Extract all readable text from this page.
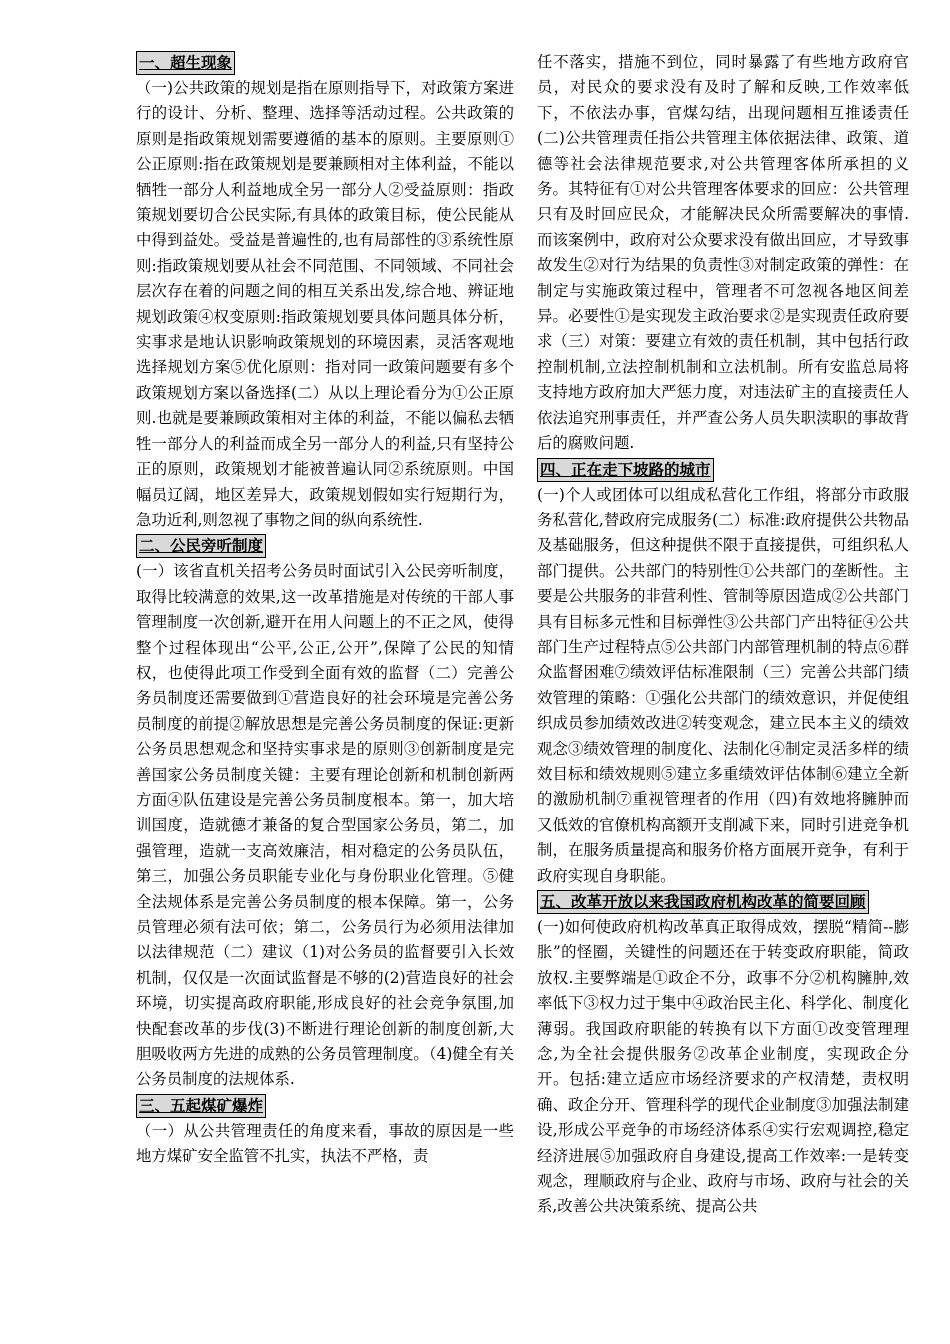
一、超生现象

（一)公共政策的规划是指在原则指导下，对政策方案进行的设计、分析、整理、选择等活动过程。公共政策的原则是指政策规划需要遵循的基本的原则。主要原则①公正原则:指在政策规划是要兼顾相对主体利益，不能以牺牲一部分人利益地成全另一部分人②受益原则：指政策规划要切合公民实际,有具体的政策目标，使公民能从中得到益处。受益是普遍性的,也有局部性的③系统性原则:指政策规划要从社会不同范围、不同领域、不同社会层次存在着的问题之间的相互关系出发,综合地、辨证地规划政策④权变原则:指政策规划要具体问题具体分析，实事求是地认识影响政策规划的环境因素，灵活客观地选择规划方案⑤优化原则：指对同一政策问题要有多个政策规划方案以备选择(二）从以上理论看分为①公正原则.也就是要兼顾政策相对主体的利益，不能以偏私去牺牲一部分人的利益而成全另一部分人的利益,只有坚持公正的原则，政策规划才能被普遍认同②系统原则。中国幅员辽阔，地区差异大，政策规划假如实行短期行为，急功近利,则忽视了事物之间的纵向系统性.

二、公民旁听制度

(一）该省直机关招考公务员时面试引入公民旁听制度，取得比较满意的效果,这一改革措施是对传统的干部人事管理制度一次创新,避开在用人问题上的不正之风，使得整个过程体现出“公平,公正,公开”,保障了公民的知情权，也使得此项工作受到全面有效的监督（二）完善公务员制度还需要做到①营造良好的社会环境是完善公务员制度的前提②解放思想是完善公务员制度的保证:更新公务员思想观念和坚持实事求是的原则③创新制度是完善国家公务员制度关键：主要有理论创新和机制创新两方面④队伍建设是完善公务员制度根本。第一，加大培训国度，造就德才兼备的复合型国家公务员，第二，加强管理，造就一支高效廉洁，相对稳定的公务员队伍，第三，加强公务员职能专业化与身份职业化管理。⑤健全法规体系是完善公务员制度的根本保障。第一，公务员管理必须有法可依；第二，公务员行为必须用法律加以法律规范（二）建议（1)对公务员的监督要引入长效机制，仅仅是一次面试监督是不够的(2)营造良好的社会环境，切实提高政府职能,形成良好的社会竞争氛围,加快配套改革的步伐(3)不断进行理论创新的制度创新,大胆吸收两方先进的成熟的公务员管理制度。（4)健全有关公务员制度的法规体系.

三、五起煤矿爆炸

（一）从公共管理责任的角度来看，事故的原因是一些地方煤矿安全监管不扎实，执法不严格，责

任不落实，措施不到位，同时暴露了有些地方政府官员，对民众的要求没有及时了解和反映,工作效率低下，不依法办事，官煤勾结，出现问题相互推诿责任(二)公共管理责任指公共管理主体依据法律、政策、道德等社会法律规范要求,对公共管理客体所承担的义务。其特征有①对公共管理客体要求的回应：公共管理只有及时回应民众，才能解决民众所需要解决的事情.而该案例中，政府对公众要求没有做出回应，才导致事故发生②对行为结果的负责性③对制定政策的弹性：在制定与实施政策过程中，管理者不可忽视各地区间差异。必要性①是实现发主政治要求②是实现责任政府要求（三）对策：要建立有效的责任机制，其中包括行政控制机制,立法控制机制和立法机制。所有安监总局将支持地方政府加大严惩力度，对违法矿主的直接责任人依法追究刑事责任，并严查公务人员失职渎职的事故背后的腐败问题.

四、正在走下坡路的城市

(一)个人或团体可以组成私营化工作组，将部分市政服务私营化,替政府完成服务(二）标准:政府提供公共物品及基础服务，但这种提供不限于直接提供，可组织私人部门提供。公共部门的特别性①公共部门的垄断性。主要是公共服务的非营利性、管制等原因造成②公共部门具有目标多元性和目标弹性③公共部门产出特征④公共部门生产过程特点⑤公共部门内部管理机制的特点⑥群众监督困难⑦绩效评估标准限制（三）完善公共部门绩效管理的策略：①强化公共部门的绩效意识，并促使组织成员参加绩效改进②转变观念，建立民本主义的绩效观念③绩效管理的制度化、法制化④制定灵活多样的绩效目标和绩效规则⑤建立多重绩效评估体制⑥建立全新的激励机制⑦重视管理者的作用（四)有效地将臃肿而又低效的官僚机构高额开支削减下来，同时引进竞争机制，在服务质量提高和服务价格方面展开竞争，有利于政府实现自身职能。

五、改革开放以来我国政府机构改革的简要回顾

(一)如何使政府机构改革真正取得成效，摆脱“精简--膨胀”的怪圈，关键性的问题还在于转变政府职能，简政放权.主要弊端是①政企不分，政事不分②机构臃肿,效率低下③权力过于集中④政治民主化、科学化、制度化薄弱。我国政府职能的转换有以下方面①改变管理理念,为全社会提供服务②改革企业制度，实现政企分开。包括:建立适应市场经济要求的产权清楚，责权明确、政企分开、管理科学的现代企业制度③加强法制建设,形成公平竞争的市场经济体系④实行宏观调控,稳定经济进展⑤加强政府自身建设,提高工作效率:一是转变观念，理顺政府与企业、政府与市场、政府与社会的关系,改善公共决策系统、提高公共
